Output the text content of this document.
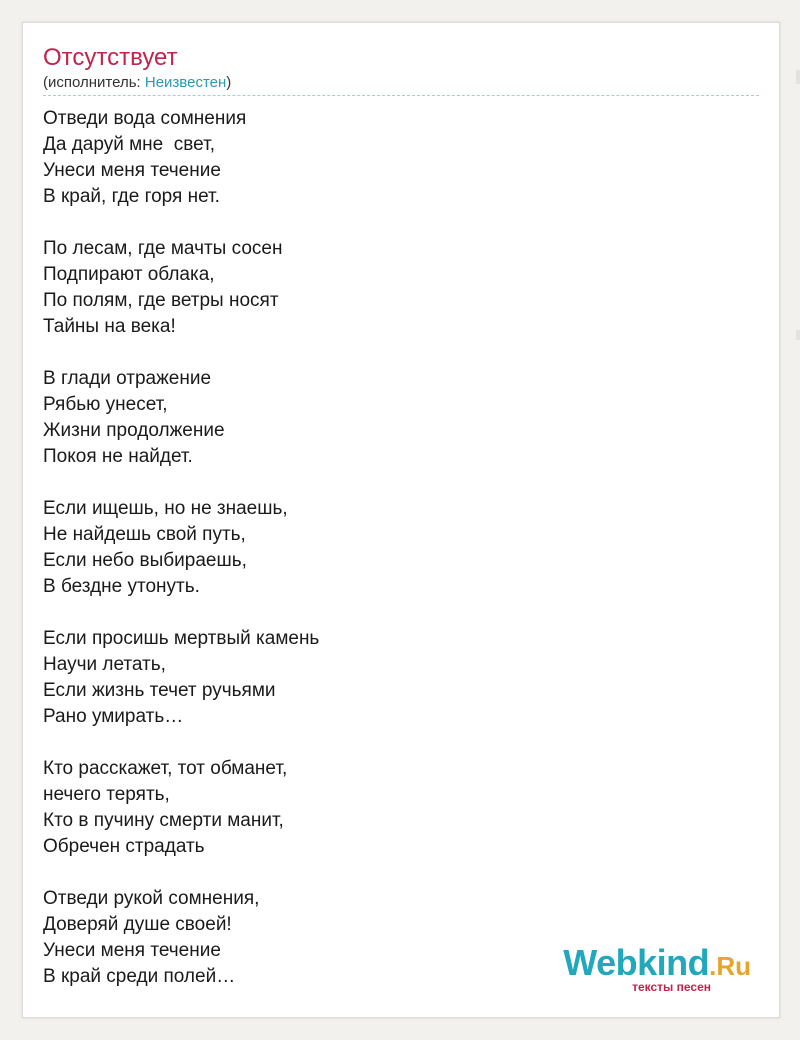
Отсутствует
(исполнитель: Неизвестен)
Отведи вода сомнения
Да даруй мне  свет,
Унеси меня течение
В край, где горя нет.
По лесам, где мачты сосен
Подпирают облака,
По полям, где ветры носят
Тайны на века!
В глади отражение
Рябью унесет,
Жизни продолжение
Покоя не найдет.
Если ищешь, но не знаешь,
Не найдешь свой путь,
Если небо выбираешь,
В бездне утонуть.
Если просишь мертвый камень
Научи летать,
Если жизнь течет ручьями
Рано умирать…
Кто расскажет, тот обманет,
нечего терять,
Кто в пучину смерти манит,
Обречен страдать
Отведи рукой сомнения,
Доверяй душе своей!
Унеси меня течение
В край среди полей…	Webkind.Ru
тексты песен
